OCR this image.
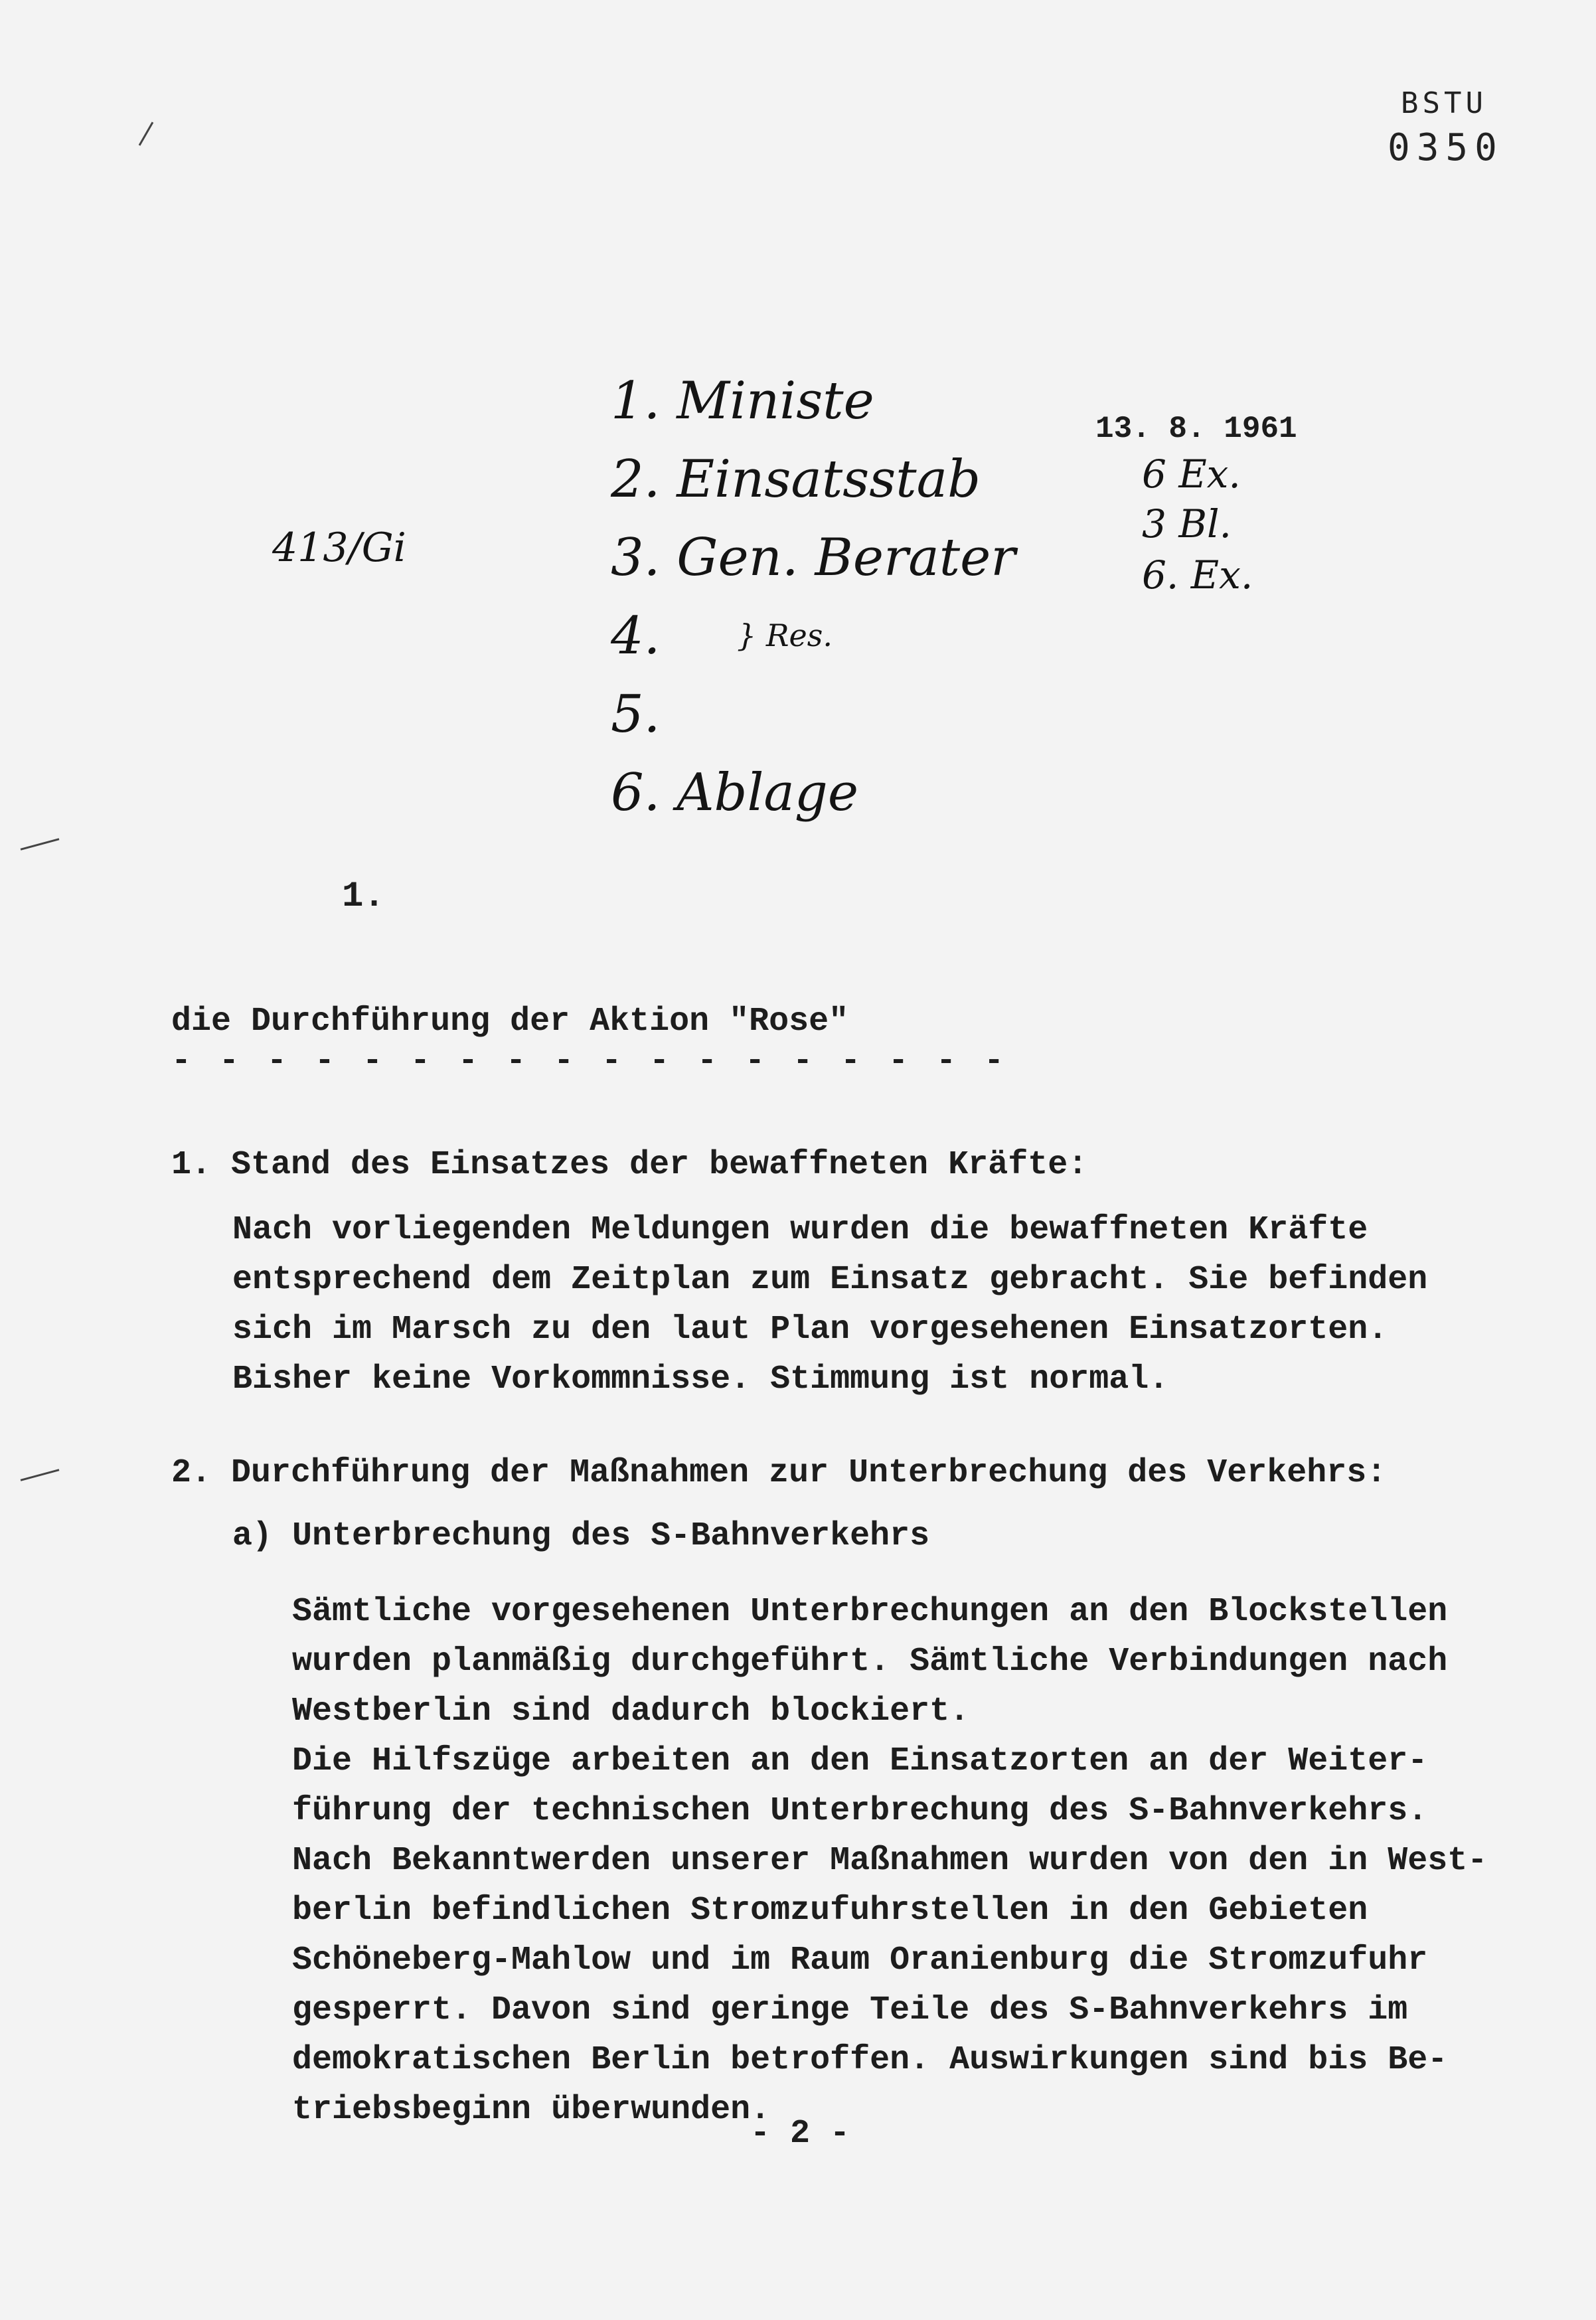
BSTU
0350
1. Ministe
2. Einsatsstab
3. Gen. Berater
4.
5.
6. Ablage
} Res.
13. 8. 1961
6 Ex.
3 Bl.
6. Ex.
413/Gi
1.
die Durchführung der Aktion "Rose"
- - - - - - - - - - - - - - - - - -
1. Stand des Einsatzes der bewaffneten Kräfte:
Nach vorliegenden Meldungen wurden die bewaffneten Kräfte
entsprechend dem Zeitplan zum Einsatz gebracht. Sie befinden
sich im Marsch zu den laut Plan vorgesehenen Einsatzorten.
Bisher keine Vorkommnisse. Stimmung ist normal.
2. Durchführung der Maßnahmen zur Unterbrechung des Verkehrs:
a) Unterbrechung des S-Bahnverkehrs
Sämtliche vorgesehenen Unterbrechungen an den Blockstellen
wurden planmäßig durchgeführt. Sämtliche Verbindungen nach
Westberlin sind dadurch blockiert.
Die Hilfszüge arbeiten an den Einsatzorten an der Weiter-
führung der technischen Unterbrechung des S-Bahnverkehrs.
Nach Bekanntwerden unserer Maßnahmen wurden von den in West-
berlin befindlichen Stromzufuhrstellen in den Gebieten
Schöneberg-Mahlow und im Raum Oranienburg die Stromzufuhr
gesperrt. Davon sind geringe Teile des S-Bahnverkehrs im
demokratischen Berlin betroffen. Auswirkungen sind bis Be-
triebsbeginn überwunden.
- 2 -
